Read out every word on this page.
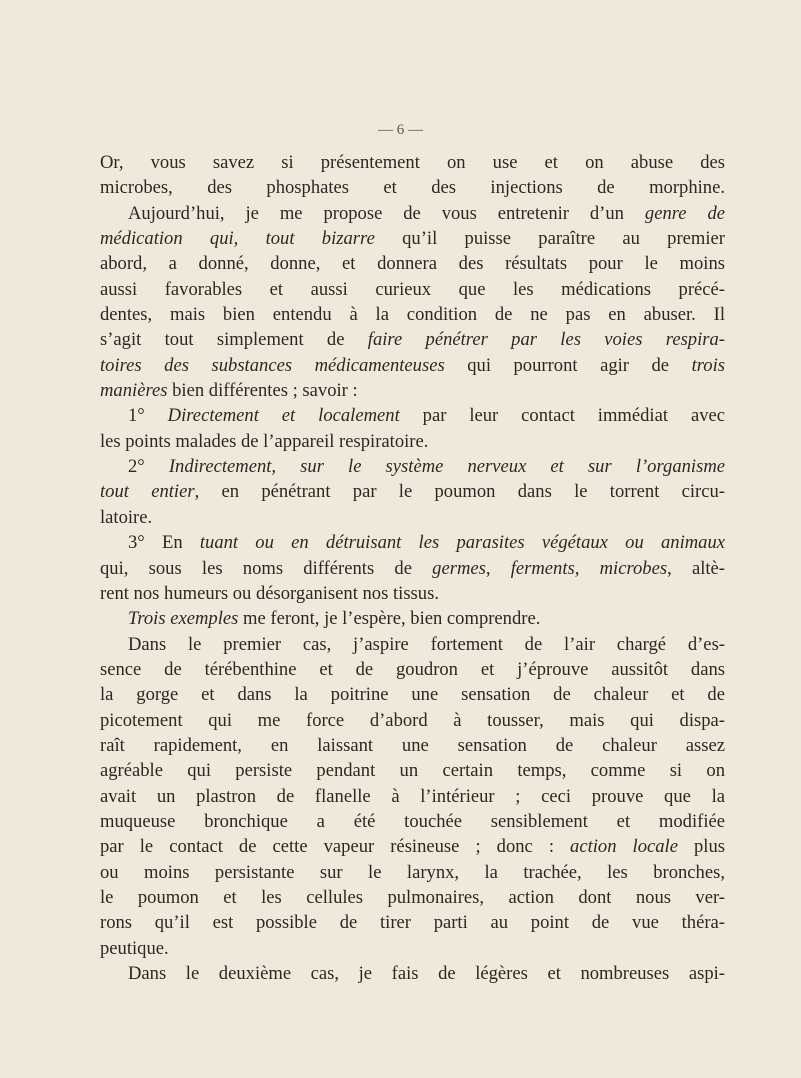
— 6 —
Or, vous savez si présentement on use et on abuse des
microbes, des phosphates et des injections de morphine.
Aujourd’hui, je me propose de vous entretenir d’un genre de
médication qui, tout bizarre qu’il puisse paraître au premier
abord, a donné, donne, et donnera des résultats pour le moins
aussi favorables et aussi curieux que les médications précé-
dentes, mais bien entendu à la condition de ne pas en abuser. Il
s’agit tout simplement de faire pénétrer par les voies respira-
toires des substances médicamenteuses qui pourront agir de trois
manières bien différentes ; savoir :
1° Directement et localement par leur contact immédiat avec
les points malades de l’appareil respiratoire.
2° Indirectement, sur le système nerveux et sur l’organisme
tout entier, en pénétrant par le poumon dans le torrent circu-
latoire.
3° En tuant ou en détruisant les parasites végétaux ou animaux
qui, sous les noms différents de germes, ferments, microbes, altè-
rent nos humeurs ou désorganisent nos tissus.
Trois exemples me feront, je l’espère, bien comprendre.
Dans le premier cas, j’aspire fortement de l’air chargé d’es-
sence de térébenthine et de goudron et j’éprouve aussitôt dans
la gorge et dans la poitrine une sensation de chaleur et de
picotement qui me force d’abord à tousser, mais qui dispa-
raît rapidement, en laissant une sensation de chaleur assez
agréable qui persiste pendant un certain temps, comme si on
avait un plastron de flanelle à l’intérieur ; ceci prouve que la
muqueuse bronchique a été touchée sensiblement et modifiée
par le contact de cette vapeur résineuse ; donc : action locale plus
ou moins persistante sur le larynx, la trachée, les bronches,
le poumon et les cellules pulmonaires, action dont nous ver-
rons qu’il est possible de tirer parti au point de vue théra-
peutique.
Dans le deuxième cas, je fais de légères et nombreuses aspi-
